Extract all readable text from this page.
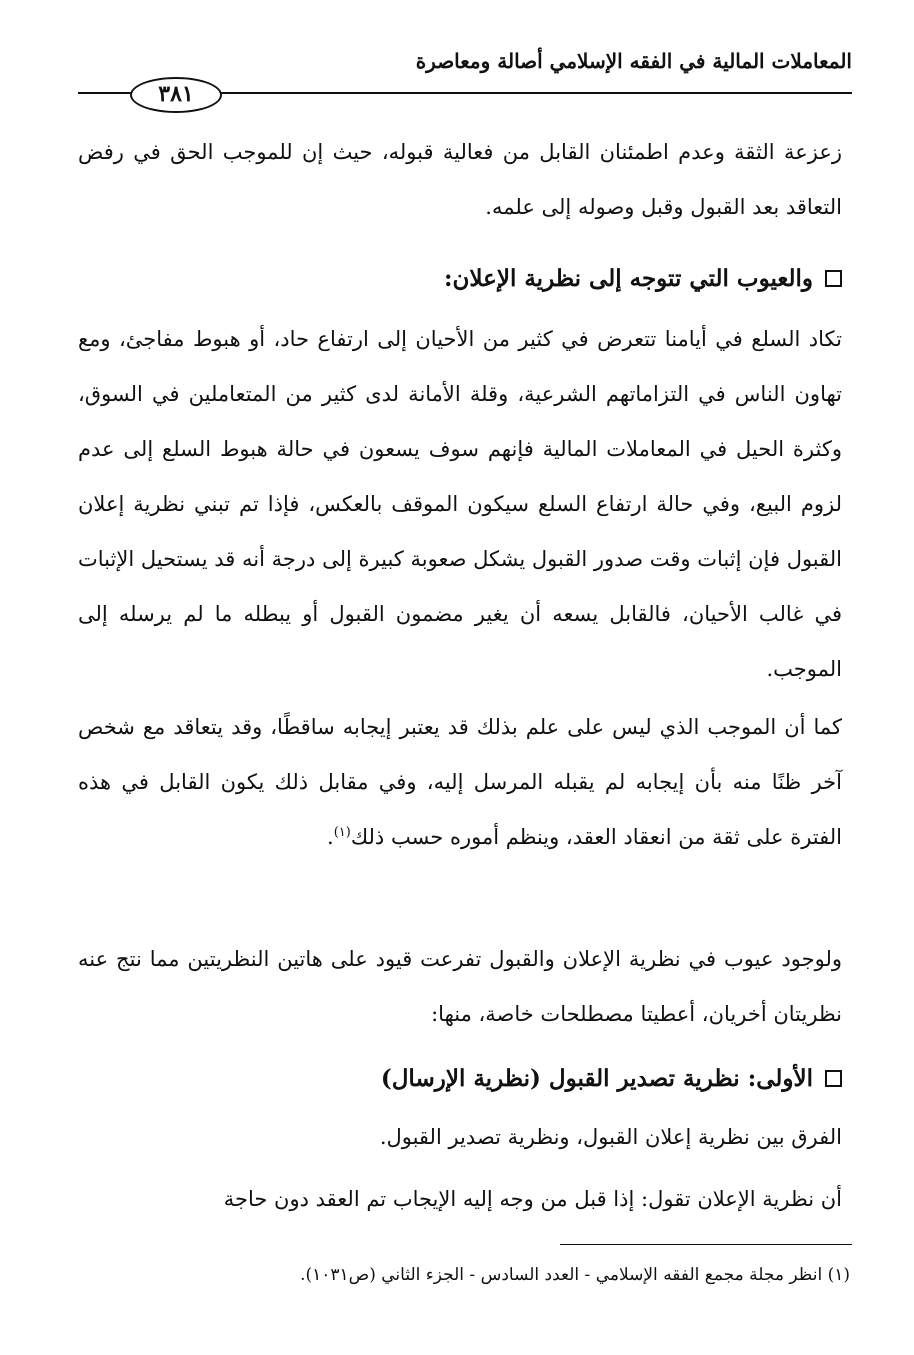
المعاملات المالية في الفقه الإسلامي أصالة ومعاصرة
٣٨١
زعزعة الثقة وعدم اطمئنان القابل من فعالية قبوله، حيث إن للموجب الحق في رفض التعاقد بعد القبول وقبل وصوله إلى علمه.
والعيوب التي تتوجه إلى نظرية الإعلان:
تكاد السلع في أيامنا تتعرض في كثير من الأحيان إلى ارتفاع حاد، أو هبوط مفاجئ، ومع تهاون الناس في التزاماتهم الشرعية، وقلة الأمانة لدى كثير من المتعاملين في السوق، وكثرة الحيل في المعاملات المالية فإنهم سوف يسعون في حالة هبوط السلع إلى عدم لزوم البيع، وفي حالة ارتفاع السلع سيكون الموقف بالعكس، فإذا تم تبني نظرية إعلان القبول فإن إثبات وقت صدور القبول يشكل صعوبة كبيرة إلى درجة أنه قد يستحيل الإثبات في غالب الأحيان، فالقابل يسعه أن يغير مضمون القبول أو يبطله ما لم يرسله إلى الموجب.
كما أن الموجب الذي ليس على علم بذلك قد يعتبر إيجابه ساقطًا، وقد يتعاقد مع شخص آخر ظنًا منه بأن إيجابه لم يقبله المرسل إليه، وفي مقابل ذلك يكون القابل في هذه الفترة على ثقة من انعقاد العقد، وينظم أموره حسب ذلك$^{(١)}$.
ولوجود عيوب في نظرية الإعلان والقبول تفرعت قيود على هاتين النظريتين مما نتج عنه نظريتان أخريان، أعطيتا مصطلحات خاصة، منها:
الأولى: نظرية تصدير القبول (نظرية الإرسال)
الفرق بين نظرية إعلان القبول، ونظرية تصدير القبول.
أن نظرية الإعلان تقول: إذا قبل من وجه إليه الإيجاب تم العقد دون حاجة
(١) انظر مجلة مجمع الفقه الإسلامي - العدد السادس - الجزء الثاني (ص١٠٣١).
